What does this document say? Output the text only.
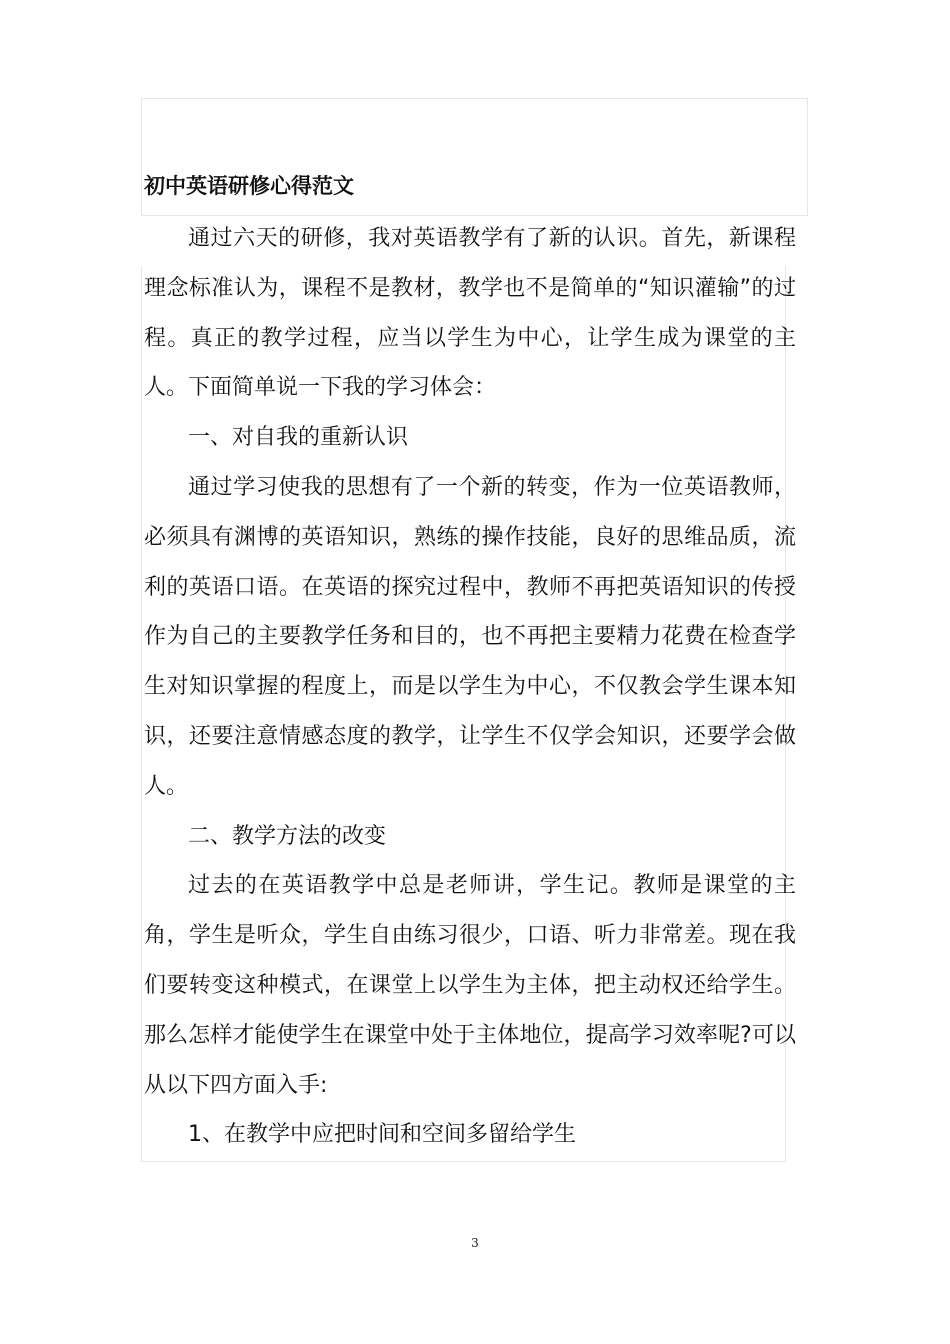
初中英语研修心得范文

通过六天的研修，我对英语教学有了新的认识。首先，新课程理念标准认为，课程不是教材，教学也不是简单的“知识灌输”的过程。真正的教学过程，应当以学生为中心，让学生成为课堂的主人。下面简单说一下我的学习体会：

一、对自我的重新认识

通过学习使我的思想有了一个新的转变，作为一位英语教师，必须具有渊博的英语知识，熟练的操作技能，良好的思维品质，流利的英语口语。在英语的探究过程中，教师不再把英语知识的传授作为自己的主要教学任务和目的，也不再把主要精力花费在检查学生对知识掌握的程度上，而是以学生为中心，不仅教会学生课本知识，还要注意情感态度的教学，让学生不仅学会知识，还要学会做人。

二、教学方法的改变

过去的在英语教学中总是老师讲，学生记。教师是课堂的主角，学生是听众，学生自由练习很少，口语、听力非常差。现在我们要转变这种模式，在课堂上以学生为主体，把主动权还给学生。那么怎样才能使学生在课堂中处于主体地位，提高学习效率呢?可以从以下四方面入手:

1、在教学中应把时间和空间多留给学生

3
